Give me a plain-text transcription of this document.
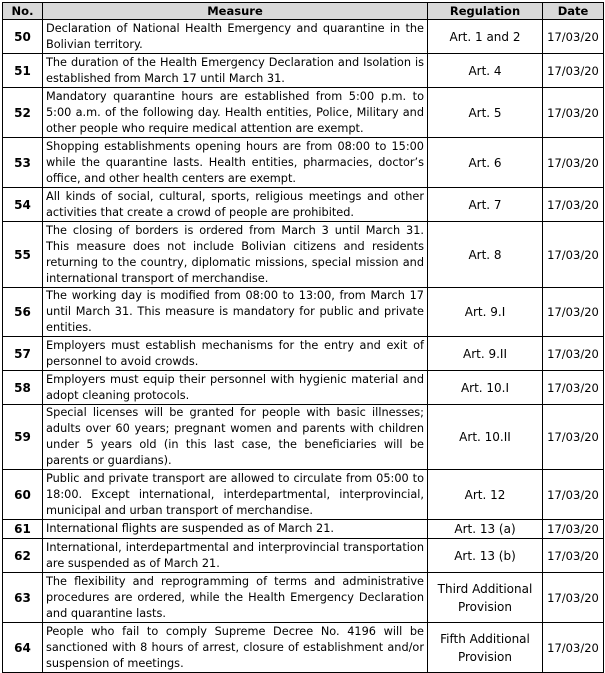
No.	Measure	Regulation	Date
50	Declaration of National Health Emergency and quarantine in the Bolivian territory.	Art. 1 and 2	17/03/20
51	The duration of the Health Emergency Declaration and Isolation is established from March 17 until March 31.	Art. 4	17/03/20
52	Mandatory quarantine hours are established from 5:00 p.m. to 5:00 a.m. of the following day. Health entities, Police, Military and other people who require medical attention are exempt.	Art. 5	17/03/20
53	Shopping establishments opening hours are from 08:00 to 15:00 while the quarantine lasts. Health entities, pharmacies, doctor’s office, and other health centers are exempt.	Art. 6	17/03/20
54	All kinds of social, cultural, sports, religious meetings and other activities that create a crowd of people are prohibited.	Art. 7	17/03/20
55	The closing of borders is ordered from March 3 until March 31. This measure does not include Bolivian citizens and residents returning to the country, diplomatic missions, special mission and international transport of merchandise.	Art. 8	17/03/20
56	The working day is modified from 08:00 to 13:00, from March 17 until March 31. This measure is mandatory for public and private entities.	Art. 9.I	17/03/20
57	Employers must establish mechanisms for the entry and exit of personnel to avoid crowds.	Art. 9.II	17/03/20
58	Employers must equip their personnel with hygienic material and adopt cleaning protocols.	Art. 10.I	17/03/20
59	Special licenses will be granted for people with basic illnesses; adults over 60 years; pregnant women and parents with children under 5 years old (in this last case, the beneficiaries will be parents or guardians).	Art. 10.II	17/03/20
60	Public and private transport are allowed to circulate from 05:00 to 18:00. Except international, interdepartmental, interprovincial, municipal and urban transport of merchandise.	Art. 12	17/03/20
61	International flights are suspended as of March 21.	Art. 13 (a)	17/03/20
62	International, interdepartmental and interprovincial transportation are suspended as of March 21.	Art. 13 (b)	17/03/20
63	The flexibility and reprogramming of terms and administrative procedures are ordered, while the Health Emergency Declaration and quarantine lasts.	Third Additional Provision	17/03/20
64	People who fail to comply Supreme Decree No. 4196 will be sanctioned with 8 hours of arrest, closure of establishment and/or suspension of meetings.	Fifth Additional Provision	17/03/20
